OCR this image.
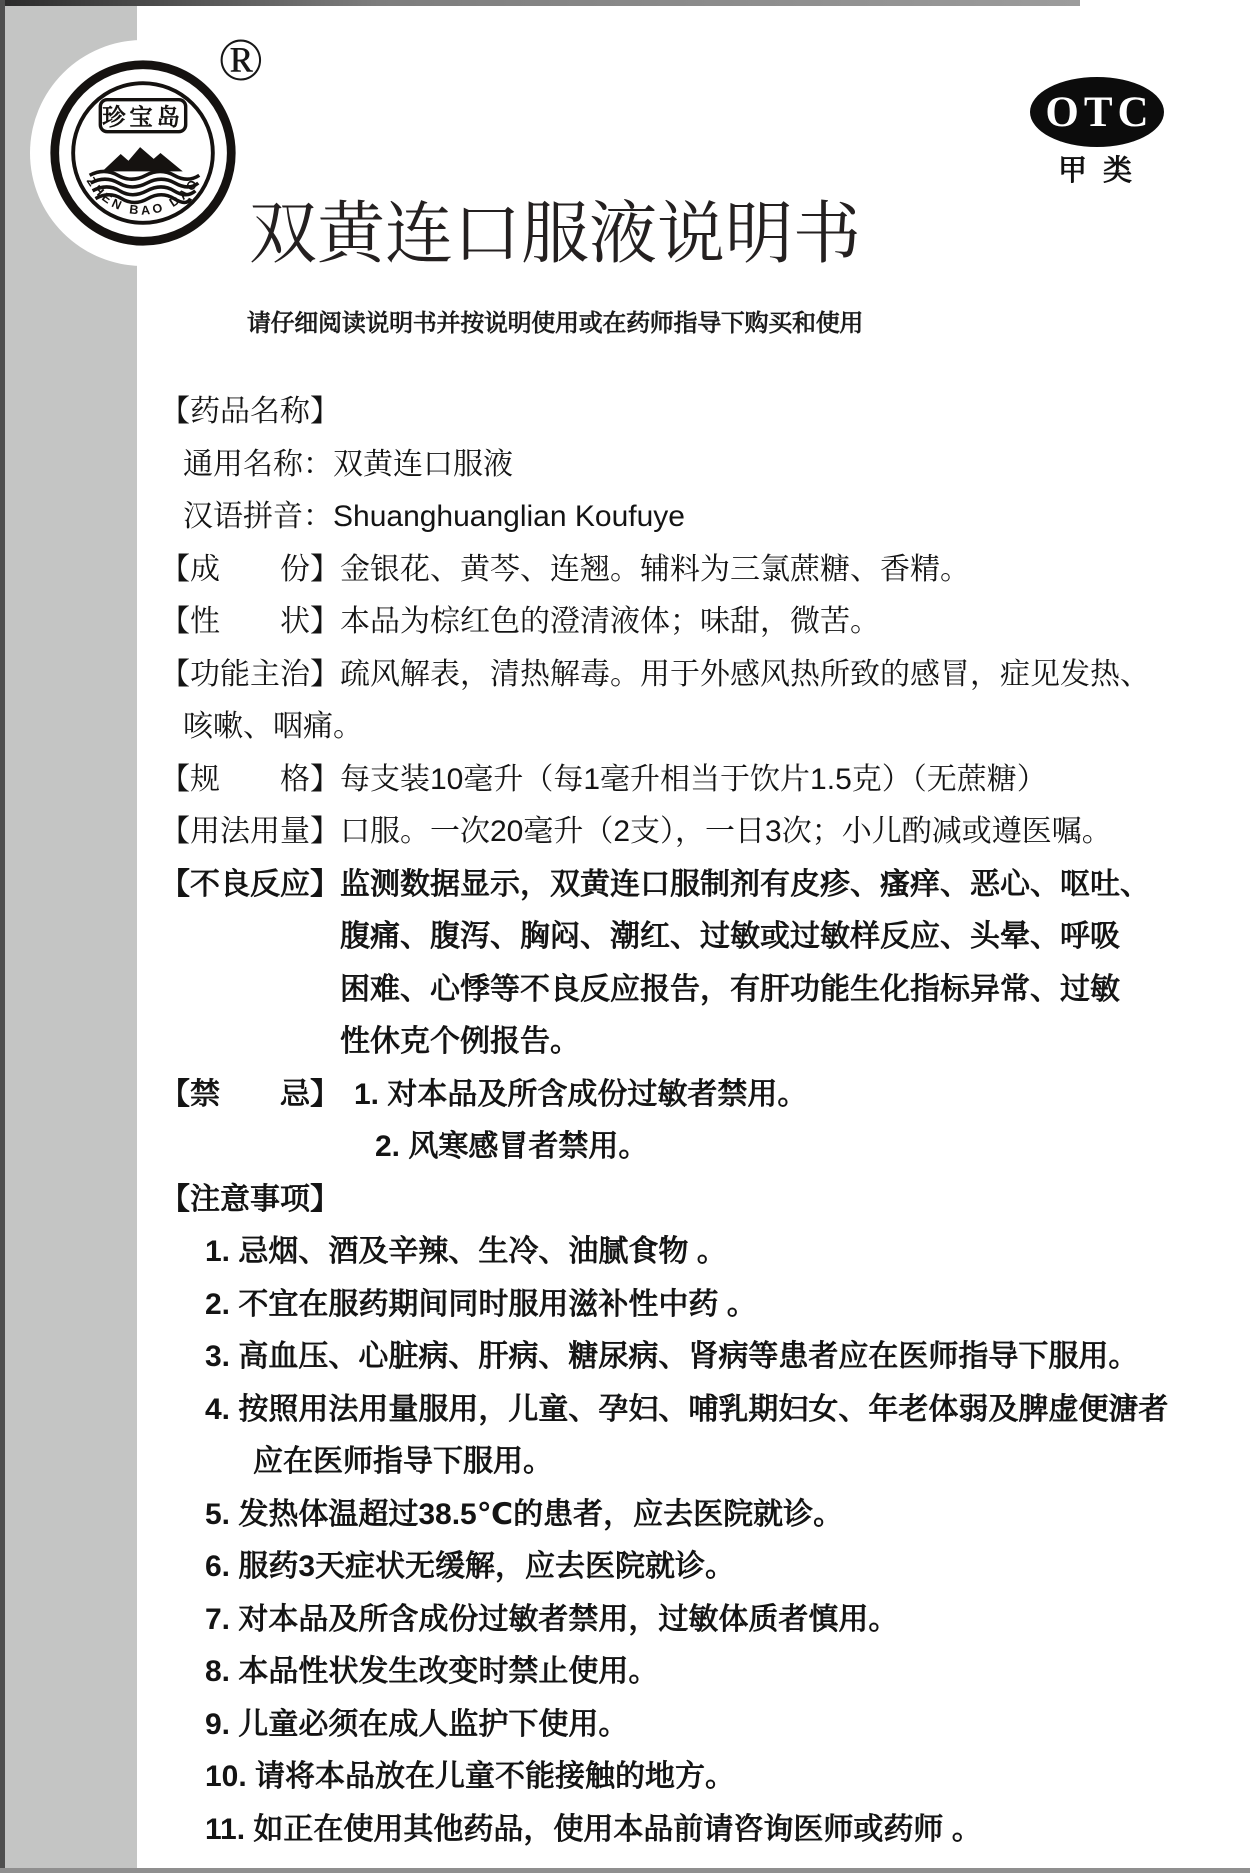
珍宝岛
ZHEN BAO DAO
®
OTC
甲 类
双黄连口服液说明书
请仔细阅读说明书并按说明使用或在药师指导下购买和使用
【药品名称】
通用名称：双黄连口服液
汉语拼音：Shuanghuanglian Koufuye
【成　　份】金银花、黄芩、连翘。辅料为三氯蔗糖、香精。
【性　　状】本品为棕红色的澄清液体；味甜，微苦。
【功能主治】疏风解表，清热解毒。用于外感风热所致的感冒，症见发热、
咳嗽、咽痛。
【规　　格】每支装10毫升（每1毫升相当于饮片1.5克）（无蔗糖）
【用法用量】口服。一次20毫升（2支），一日3次；小儿酌减或遵医嘱。
【不良反应】监测数据显示，双黄连口服制剂有皮疹、瘙痒、恶心、呕吐、
腹痛、腹泻、胸闷、潮红、过敏或过敏样反应、头晕、呼吸
困难、心悸等不良反应报告，有肝功能生化指标异常、过敏
性休克个例报告。
【禁　　忌】 1. 对本品及所含成份过敏者禁用。
2. 风寒感冒者禁用。
【注意事项】
1. 忌烟、酒及辛辣、生冷、油腻食物 。
2. 不宜在服药期间同时服用滋补性中药 。
3. 高血压、心脏病、肝病、糖尿病、肾病等患者应在医师指导下服用。
4. 按照用法用量服用，儿童、孕妇、哺乳期妇女、年老体弱及脾虚便溏者
应在医师指导下服用。
5. 发热体温超过38.5℃的患者，应去医院就诊。
6. 服药3天症状无缓解，应去医院就诊。
7. 对本品及所含成份过敏者禁用，过敏体质者慎用。
8. 本品性状发生改变时禁止使用。
9. 儿童必须在成人监护下使用。
10. 请将本品放在儿童不能接触的地方。
11. 如正在使用其他药品，使用本品前请咨询医师或药师 。
